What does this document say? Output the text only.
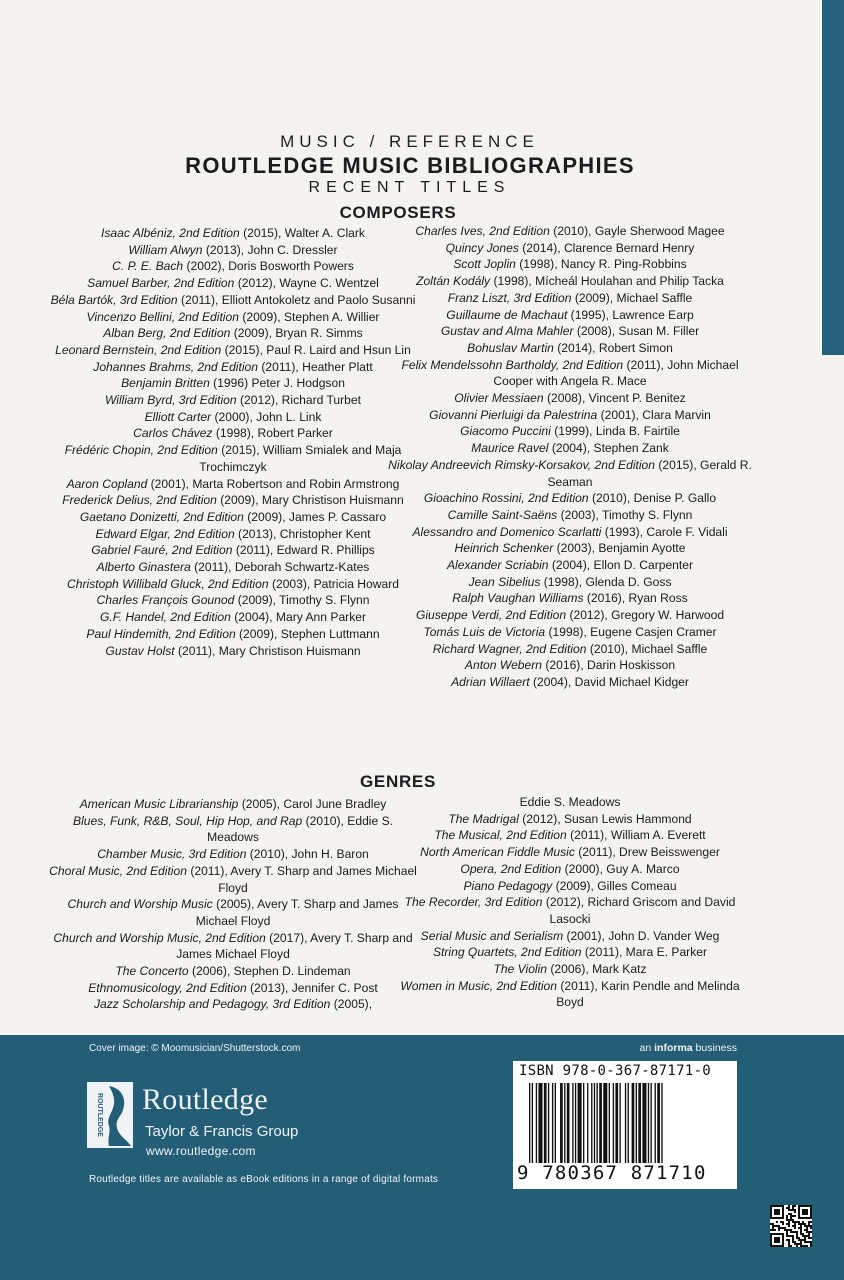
MUSIC / REFERENCE
ROUTLEDGE MUSIC BIBLIOGRAPHIES
RECENT TITLES
COMPOSERS

Isaac Albéniz, 2nd Edition (2015), Walter A. Clark

William Alwyn (2013), John C. Dressler

C. P. E. Bach (2002), Doris Bosworth Powers

Samuel Barber, 2nd Edition (2012), Wayne C. Wentzel

Béla Bartók, 3rd Edition (2011), Elliott Antokoletz and Paolo Susanni

Vincenzo Bellini, 2nd Edition (2009), Stephen A. Willier

Alban Berg, 2nd Edition (2009), Bryan R. Simms

Leonard Bernstein, 2nd Edition (2015), Paul R. Laird and Hsun Lin

Johannes Brahms, 2nd Edition (2011), Heather Platt

Benjamin Britten (1996) Peter J. Hodgson

William Byrd, 3rd Edition (2012), Richard Turbet

Elliott Carter (2000), John L. Link

Carlos Chávez (1998), Robert Parker

Frédéric Chopin, 2nd Edition (2015), William Smialek and Maja Trochimczyk

Aaron Copland (2001), Marta Robertson and Robin Armstrong

Frederick Delius, 2nd Edition (2009), Mary Christison Huismann

Gaetano Donizetti, 2nd Edition (2009), James P. Cassaro

Edward Elgar, 2nd Edition (2013), Christopher Kent

Gabriel Fauré, 2nd Edition (2011), Edward R. Phillips

Alberto Ginastera (2011), Deborah Schwartz-Kates

Christoph Willibald Gluck, 2nd Edition (2003), Patricia Howard

Charles François Gounod (2009), Timothy S. Flynn

G.F. Handel, 2nd Edition (2004), Mary Ann Parker

Paul Hindemith, 2nd Edition (2009), Stephen Luttmann

Gustav Holst (2011), Mary Christison Huismann

Charles Ives, 2nd Edition (2010), Gayle Sherwood Magee

Quincy Jones (2014), Clarence Bernard Henry

Scott Joplin (1998), Nancy R. Ping-Robbins

Zoltán Kodály (1998), Mícheál Houlahan and Philip Tacka

Franz Liszt, 3rd Edition (2009), Michael Saffle

Guillaume de Machaut (1995), Lawrence Earp

Gustav and Alma Mahler (2008), Susan M. Filler

Bohuslav Martin (2014), Robert Simon

Felix Mendelssohn Bartholdy, 2nd Edition (2011), John Michael Cooper with Angela R. Mace

Olivier Messiaen (2008), Vincent P. Benitez

Giovanni Pierluigi da Palestrina (2001), Clara Marvin

Giacomo Puccini (1999), Linda B. Fairtile

Maurice Ravel (2004), Stephen Zank

Nikolay Andreevich Rimsky-Korsakov, 2nd Edition (2015), Gerald R. Seaman

Gioachino Rossini, 2nd Edition (2010), Denise P. Gallo

Camille Saint-Saëns (2003), Timothy S. Flynn

Alessandro and Domenico Scarlatti (1993), Carole F. Vidali

Heinrich Schenker (2003), Benjamin Ayotte

Alexander Scriabin (2004), Ellon D. Carpenter

Jean Sibelius (1998), Glenda D. Goss

Ralph Vaughan Williams (2016), Ryan Ross

Giuseppe Verdi, 2nd Edition (2012), Gregory W. Harwood

Tomás Luis de Victoria (1998), Eugene Casjen Cramer

Richard Wagner, 2nd Edition (2010), Michael Saffle

Anton Webern (2016), Darin Hoskisson

Adrian Willaert (2004), David Michael Kidger

GENRES

American Music Librarianship (2005), Carol June Bradley

Blues, Funk, R&B, Soul, Hip Hop, and Rap (2010), Eddie S. Meadows

Chamber Music, 3rd Edition (2010), John H. Baron

Choral Music, 2nd Edition (2011), Avery T. Sharp and James Michael Floyd

Church and Worship Music (2005), Avery T. Sharp and James Michael Floyd

Church and Worship Music, 2nd Edition (2017), Avery T. Sharp and James Michael Floyd

The Concerto (2006), Stephen D. Lindeman

Ethnomusicology, 2nd Edition (2013), Jennifer C. Post

Jazz Scholarship and Pedagogy, 3rd Edition (2005),

Eddie S. Meadows

The Madrigal (2012), Susan Lewis Hammond

The Musical, 2nd Edition (2011), William A. Everett

North American Fiddle Music (2011), Drew Beisswenger

Opera, 2nd Edition (2000), Guy A. Marco

Piano Pedagogy (2009), Gilles Comeau

The Recorder, 3rd Edition (2012), Richard Griscom and David Lasocki

Serial Music and Serialism (2001), John D. Vander Weg

String Quartets, 2nd Edition (2011), Mara E. Parker

The Violin (2006), Mark Katz

Women in Music, 2nd Edition (2011), Karin Pendle and Melinda Boyd

Cover image: © Moomusician/Shutterstock.com	an informa business
ROUTLEDGE Routledge
Taylor & Francis Group
www.routledge.com
Routledge titles are available as eBook editions in a range of digital formats
ISBN 978-0-367-87171-0
9 780367 871710
